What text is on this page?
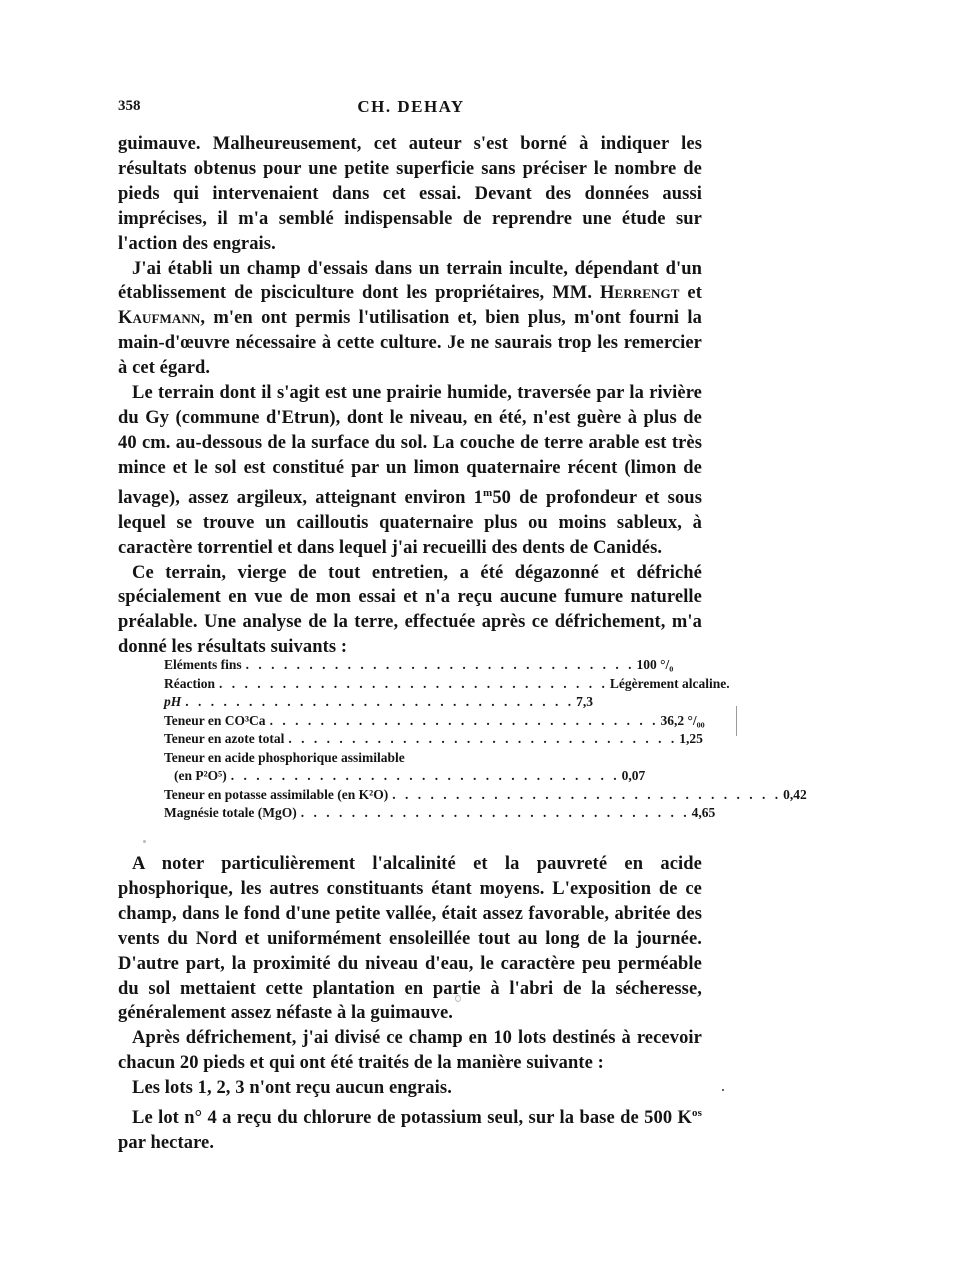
358	CH. DEHAY

guimauve. Malheureusement, cet auteur s'est borné à indiquer les résultats obtenus pour une petite superficie sans préciser le nombre de pieds qui intervenaient dans cet essai. Devant des données aussi imprécises, il m'a semblé indispensable de reprendre une étude sur l'action des engrais.

J'ai établi un champ d'essais dans un terrain inculte, dépendant d'un établissement de pisciculture dont les propriétaires, MM. Herrengt et Kaufmann, m'en ont permis l'utilisation et, bien plus, m'ont fourni la main-d'œuvre nécessaire à cette culture. Je ne saurais trop les remercier à cet égard.

Le terrain dont il s'agit est une prairie humide, traversée par la rivière du Gy (commune d'Etrun), dont le niveau, en été, n'est guère à plus de 40 cm. au-dessous de la surface du sol. La couche de terre arable est très mince et le sol est constitué par un limon quaternaire récent (limon de lavage), assez argileux, atteignant environ 1$^m$50 de profondeur et sous lequel se trouve un cailloutis quaternaire plus ou moins sableux, à caractère torrentiel et dans lequel j'ai recueilli des dents de Canidés.

Ce terrain, vierge de tout entretien, a été dégazonné et défriché spécialement en vue de mon essai et n'a reçu aucune fumure naturelle préalable. Une analyse de la terre, effectuée après ce défrichement, m'a donné les résultats suivants :

Eléments fins . . . . . . . . . . . . . . . . . . . . . . . . . . . . . . . 100 °/₀
Réaction . . . . . . . . . . . . . . . . . . . . . . . . . . . . . . . Légèrement alcaline.
pH . . . . . . . . . . . . . . . . . . . . . . . . . . . . . . . 7,3
Teneur en CO³Ca . . . . . . . . . . . . . . . . . . . . . . . . . . . . . . . 36,2 °/₀₀
Teneur en azote total . . . . . . . . . . . . . . . . . . . . . . . . . . . . . . . 1,25
Teneur en acide phosphorique assimilable
(en P²O⁵) . . . . . . . . . . . . . . . . . . . . . . . . . . . . . . . 0,07
Teneur en potasse assimilable (en K²O) . . . . . . . . . . . . . . . . . . . . . . . . . . . . . . . 0,42
Magnésie totale (MgO) . . . . . . . . . . . . . . . . . . . . . . . . . . . . . . . 4,65

A noter particulièrement l'alcalinité et la pauvreté en acide phosphorique, les autres constituants étant moyens. L'exposition de ce champ, dans le fond d'une petite vallée, était assez favorable, abritée des vents du Nord et uniformément ensoleillée tout au long de la journée. D'autre part, la proximité du niveau d'eau, le caractère peu perméable du sol mettaient cette plantation en partie à l'abri de la sécheresse, généralement assez néfaste à la guimauve.

Après défrichement, j'ai divisé ce champ en 10 lots destinés à recevoir chacun 20 pieds et qui ont été traités de la manière suivante :

Les lots 1, 2, 3 n'ont reçu aucun engrais.

Le lot n° 4 a reçu du chlorure de potassium seul, sur la base de 500 $K^{os}$ par hectare.
